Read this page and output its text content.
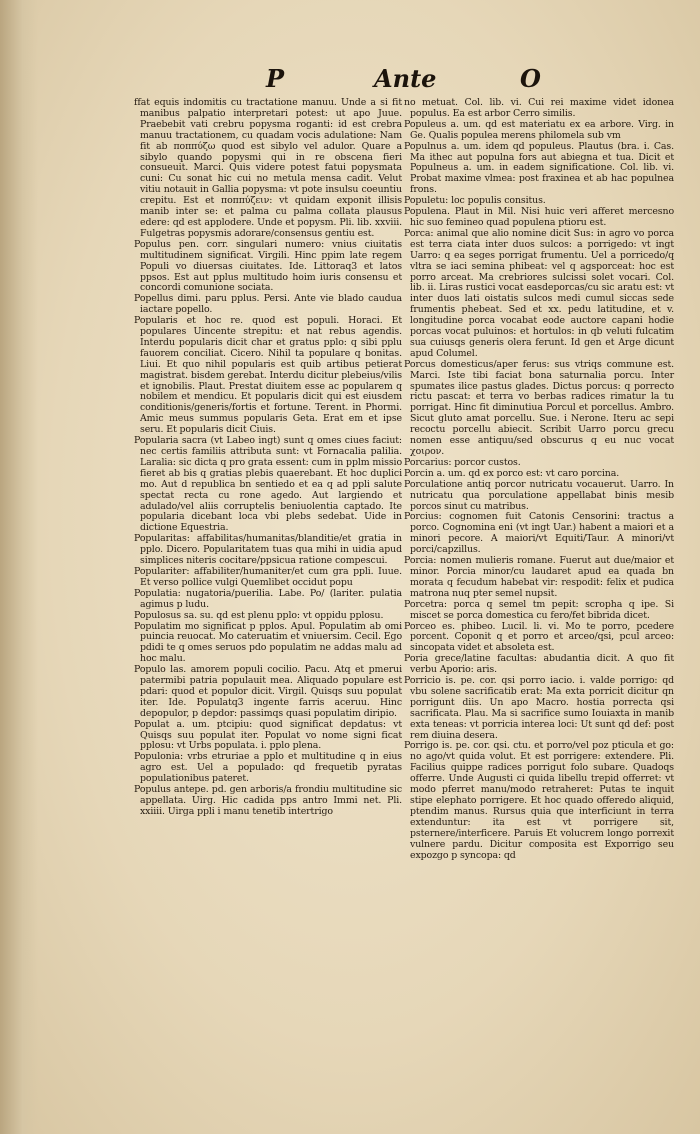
P	Ante	O

ffat equis indomitis cu tractatione manuu. Unde a si fit manibus palpatio interpretari potest: ut apo Juue. Praebebit vati crebru popysma roganti: id est crebra manuu tractationem, cu quadam vocis adulatione: Nam fit ab ποππύζω quod est sibylo vel adulor. Quare a sibylo quando popysmi qui in re obscena fieri consueuit. Marci. Quis videre potest fatui popysmata cuni: Cu sonat hic cui no metula mensa cadit. Velut vitiu notauit in Gallia popysma: vt pote insulsu coeuntiu crepitu. Est et ποππύζειν: vt quidam exponit illisis manib inter se: et palma cu palma collata plausus edere: qd est applodere. Unde et popysm. Pli. lib. xxviii. Fulgetras popysmis adorare/consensus gentiu est.

Populus pen. corr. singulari numero: vnius ciuitatis multitudinem significat. Virgili. Hinc ppim late regem Populi vo diuersas ciuitates. Ide. Littoraq3 et latos ppsos. Est aut pplus multitudo hoim iuris consensu et concordi comunione sociata.

Popellus dimi. paru pplus. Persi. Ante vie blado caudua iactare popello.

Popularis et hoc re. quod est populi. Horaci. Et populares Uincente strepitu: et nat rebus agendis. Interdu popularis dicit char et gratus pplo: q sibi pplu fauorem conciliat. Cicero. Nihil ta populare q bonitas. Liui. Et quo nihil popularis est quib artibus petierat magistrat. bisdem gerebat. Interdu dicitur plebeius/vilis et ignobilis. Plaut. Prestat diuitem esse ac popularem q nobilem et mendicu. Et popularis dicit qui est eiusdem conditionis/generis/fortis et fortune. Terent. in Phormi. Amic meus summus popularis Geta. Erat em et ipse seru. Et popularis dicit Ciuis.

Popularia sacra (vt Labeo ingt) sunt q omes ciues faciut: nec certis familiis attributa sunt: vt Fornacalia palilia. Laralia: sic dicta q pro grata essent: cum in pplm missio fieret ab bis q gratias plebis quaerebant. Et hoc duplici mo. Aut d republica bn sentiedo et ea q ad ppli salute spectat recta cu rone agedo. Aut largiendo et adulado/vel aliis corruptelis beniuolentia captado. Ite popularia dicebant loca vbi plebs sedebat. Uide in dictione Equestria.

Popularitas: affabilitas/humanitas/blanditie/et gratia in pplo. Dicero. Popularitatem tuas qua mihi in uidia apud simplices niteris cocitare/ppsicua ratione compescui.

Populariter: affabiliter/humaniter/et cum gra ppli. Iuue. Et verso pollice vulgi Quemlibet occidut popu

Populatia: nugatoria/puerilia. Labe. Po/ (lariter. pulatia agimus p ludu.

Populosus sa. su. qd est plenu pplo: vt oppidu pplosu.

Populatim mo significat p pplos. Apul. Populatim ab omi puincia reuocat. Mo cateruatim et vniuersim. Cecil. Ego pdidi te q omes seruos pdo populatim ne addas malu ad hoc malu.

Populo las. amorem populi cocilio. Pacu. Atq et pmerui patermibi patria populauit mea. Aliquado populare est pdari: quod et populor dicit. Virgil. Quisqs suu populat iter. Ide. Populatq3 ingente farris aceruu. Hinc depopulor, p depdor: passimqs quasi populatim diripio.

Populat a. um. ptcipiu: quod significat depdatus: vt Quisqs suu populat iter. Populat vo nome signi ficat pplosu: vt Urbs populata. i. pplo plena.

Populonia: vrbs etruriae a pplo et multitudine q in eius agro est. Uel a populado: qd frequetib pyratas populationibus pateret.

Populus antepe. pd. gen arboris/a frondiu multitudine sic appellata. Uirg. Hic cadida pps antro Immi net. Pli. xxiiii. Uirga ppli i manu tenetib intertrigo

no metuat. Col. lib. vi. Cui rei maxime videt idonea populus. Ea est arbor Cerro similis.

Populeus a. um. qd est materiatu ex ea arbore. Virg. in Ge. Qualis populea merens philomela sub vm

Populnus a. um. idem qd populeus. Plautus (bra. i. Cas. Ma ithec aut populna fors aut abiegna et tua. Dicit et Populneus a. um. in eadem significatione. Col. lib. vi. Probat maxime vlmea: post fraxinea et ab hac populnea frons.

Populetu: loc populis consitus.

Populena. Plaut in Mil. Nisi huic veri afferet mercesno hic suo femineo quad populena ptioru est.

Porca: animal que alio nomine dicit Sus: in agro vo porca est terra ciata inter duos sulcos: a porrigedo: vt ingt Uarro: q ea seges porrigat frumentu. Uel a porricedo/q vltra se iaci semina phibeat: vel q agsporceat: hoc est porro arceat. Ma crebriores sulcissi solet vocari. Col. lib. ii. Liras rustici vocat easdeporcas/cu sic aratu est: vt inter duos lati oistatis sulcos medi cumul siccas sede frumentis phebeat. Sed et xx. pedu latitudine, et v. longitudine porca vocabat eode auctore capani hodie porcas vocat puluinos: et hortulos: in qb veluti fulcatim sua cuiusqs generis olera ferunt. Id gen et Arge dicunt apud Columel.

Porcus domesticus/aper ferus: sus vtriqs commune est. Marci. Iste tibi faciat bona saturnalia porcu. Inter spumates ilice pastus glades. Dictus porcus: q porrecto rictu pascat: et terra vo berbas radices rimatur la tu porrigat. Hinc fit diminutiua Porcul et porcellus. Ambro. Sicut gluto amat porcellu. Sue. i Nerone. Iteru ac sepi recoctu porcellu abiecit. Scribit Uarro porcu grecu nomen esse antiquu/sed obscurus q eu nuc vocat χοιρον.

Porcarius: porcor custos.

Porcin a. um. qd ex porco est: vt caro porcina.

Porculatione antiq porcor nutricatu vocauerut. Uarro. In nutricatu qua porculatione appellabat binis mesib porcos sinut cu matribus.

Porcius: cognomen fuit Catonis Censorini: tractus a porco. Cognomina eni (vt ingt Uar.) habent a maiori et a minori pecore. A maiori/vt Equiti/Taur. A minori/vt porci/capzillus.

Porcia: nomen mulieris romane. Fuerut aut due/maior et minor. Porcia minor/cu laudaret apud ea quada bn morata q fecudum habebat vir: respodit: felix et pudica matrona nuq pter semel nupsit.

Porcetra: porca q semel tm pepit: scropha q ipe. Si miscet se porca domestica cu fero/fet bibrida dicet.

Porceo es. phibeo. Lucil. li. vi. Mo te porro, pcedere porcent. Coponit q et porro et arceo/qsi, pcul arceo: sincopata videt et absoleta est.

Poria grece/latine facultas: abudantia dicit. A quo fit verbu Aporio: aris.

Porricio is. pe. cor. qsi porro iacio. i. valde porrigo: qd vbu solene sacrificatib erat: Ma exta porricit dicitur qn porrigunt diis. Un apo Macro. hostia porrecta qsi sacrificata. Plau. Ma si sacrifice sumo Iouiaxta in manib exta teneas: vt porricia interea loci: Ut sunt qd def: post rem diuina desera.

Porrigo is. pe. cor. qsi. ctu. et porro/vel poz pticula et go: no ago/vt quida volut. Et est porrigere: extendere. Pli. Facilius quippe radices porrigut folo subare. Quadoqs offerre. Unde Augusti ci quida libellu trepid offerret: vt modo pferret manu/modo retraheret: Putas te inquit stipe elephato porrigere. Et hoc quado offeredo aliquid, ptendim manus. Rursus quia que interficiunt in terra extenduntur: ita est vt porrigere sit, psternere/interficere. Paruis Et volucrem longo porrexit vulnere pardu. Dicitur composita est Exporrigo seu expozgo p syncopa: qd
